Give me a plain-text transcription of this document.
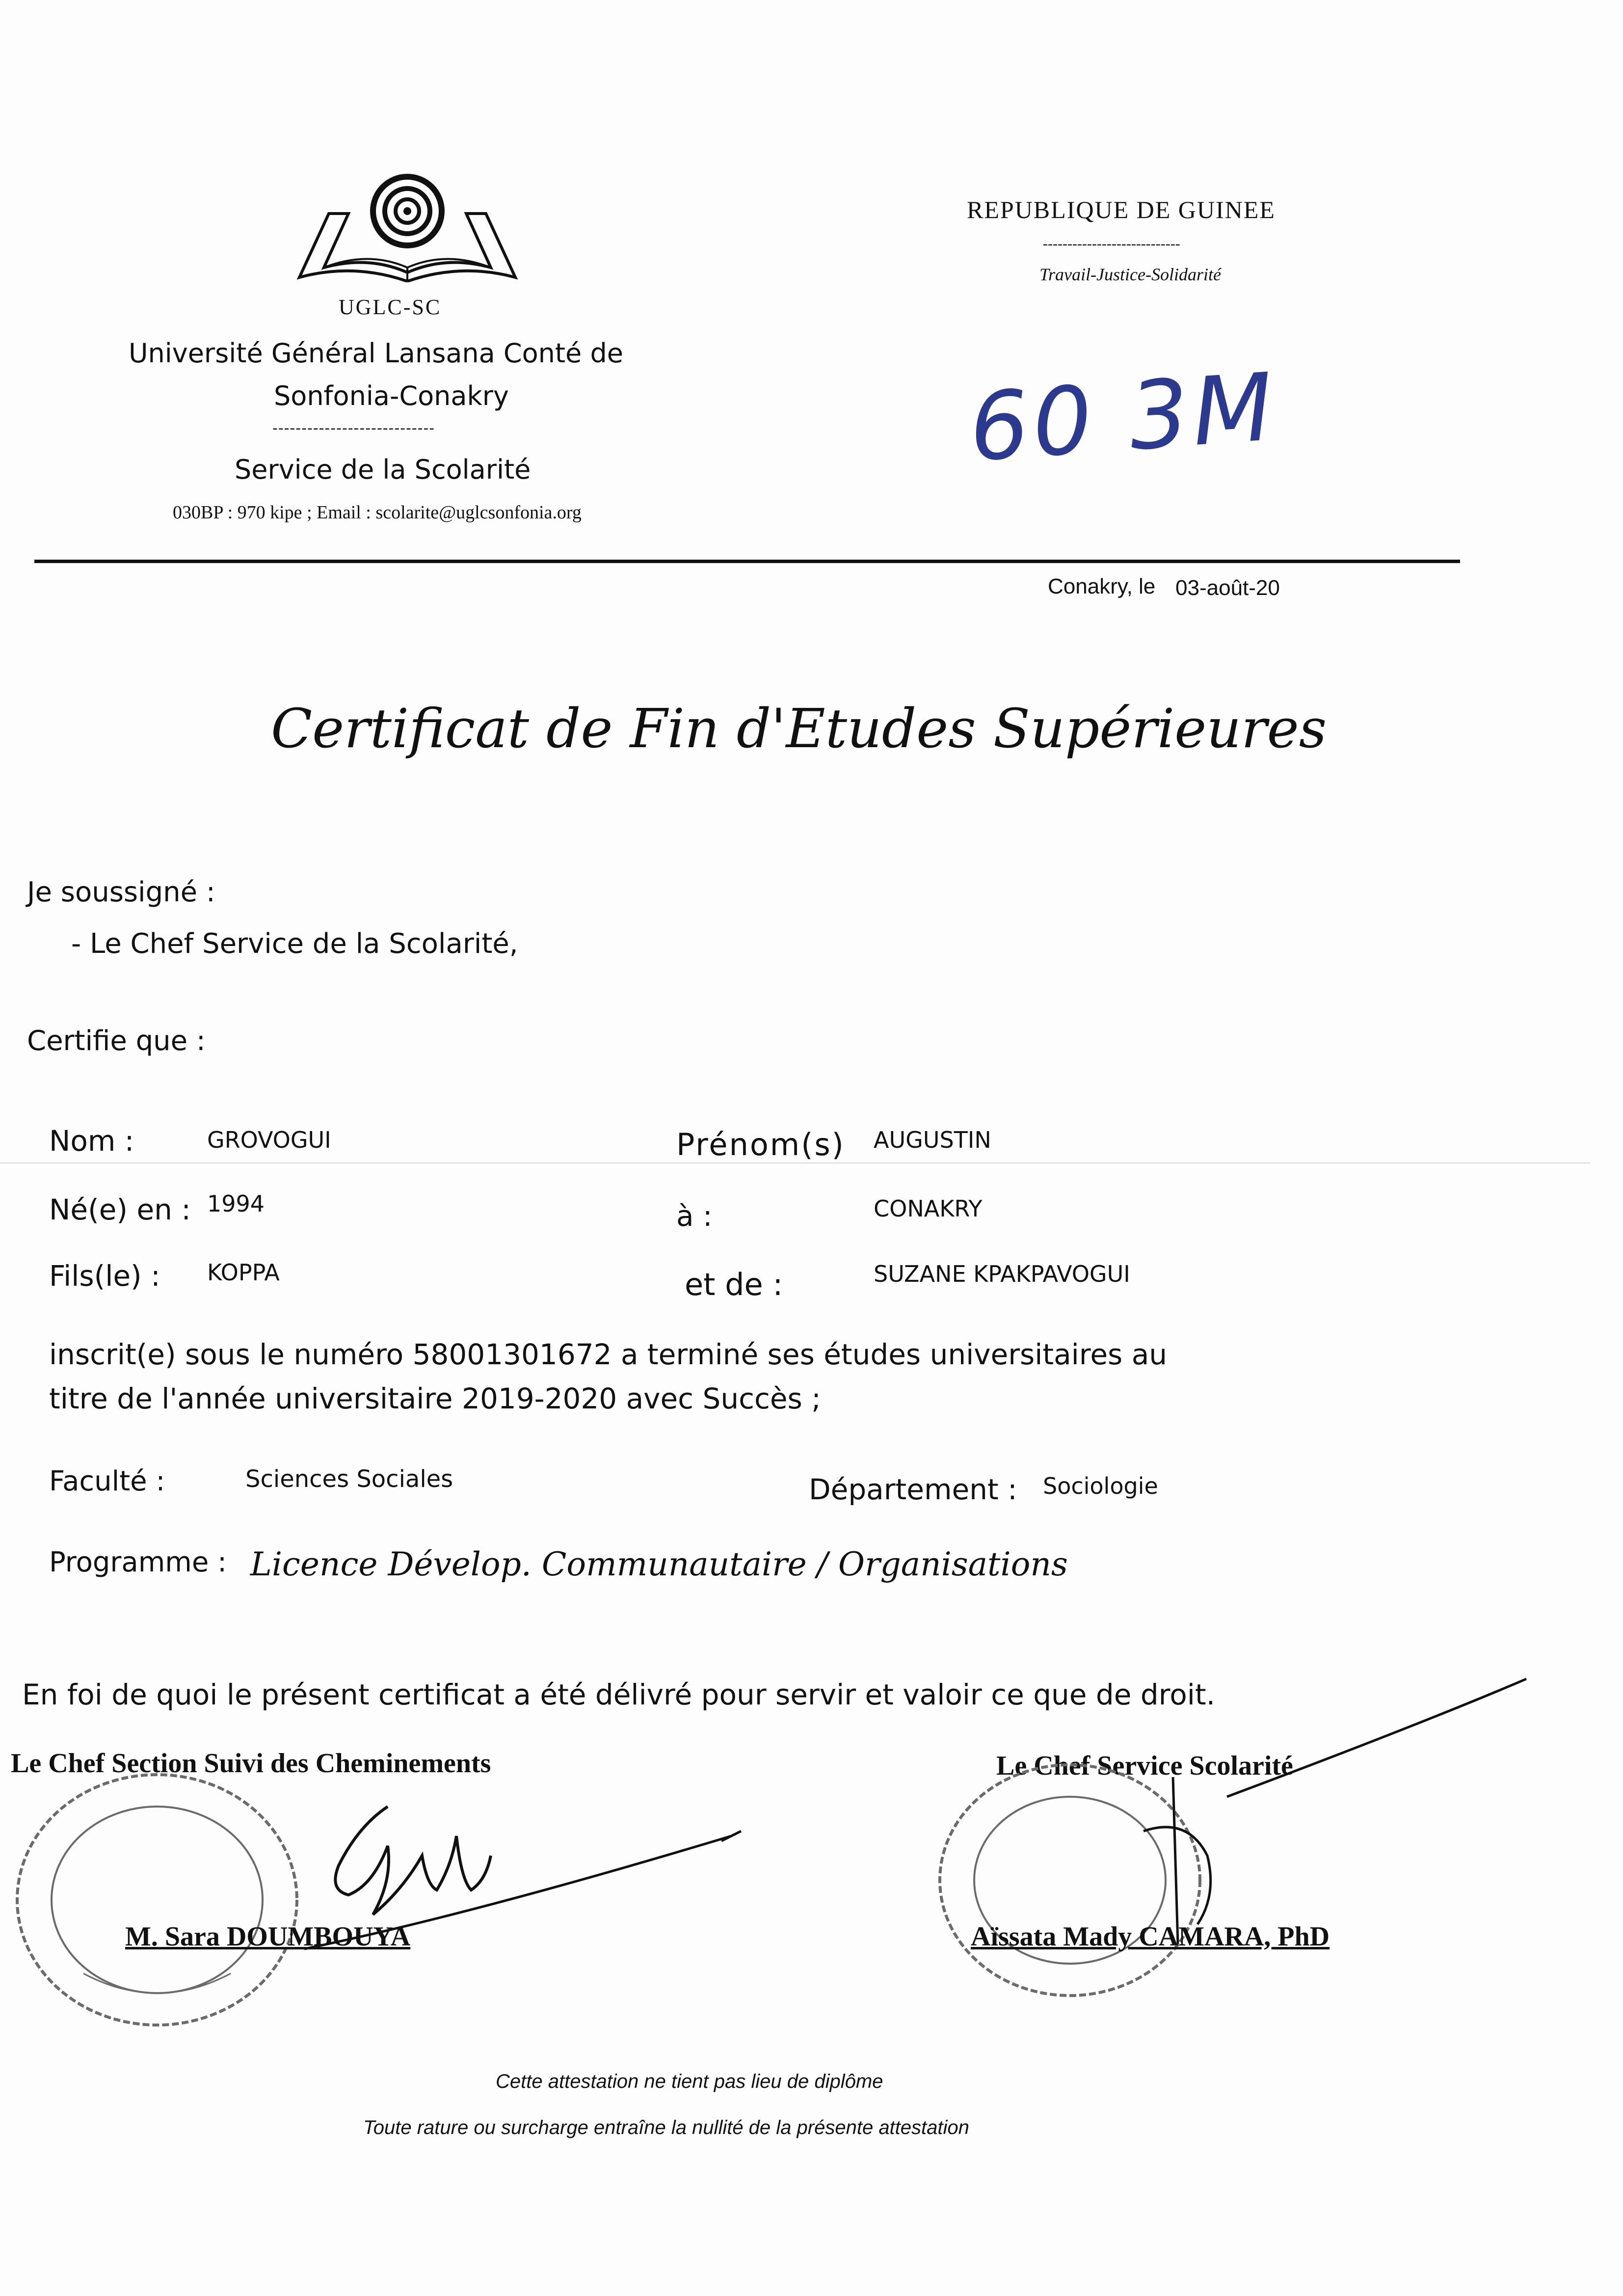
UGLC-SC
Université Général Lansana Conté de
Sonfonia-Conakry
----------------------------
Service de la Scolarité
030BP : 970 kipe ; Email : scolarite@uglcsonfonia.org
REPUBLIQUE DE GUINEE
----------------------------
Travail-Justice-Solidarité
60 3M
Conakry, le 03-août-20
Certificat de Fin d'Etudes Supérieures
Je soussigné :
- Le Chef Service de la Scolarité,
Certifie que :
Nom :	GROVOGUI	Prénom(s) AUGUSTIN
Né(e) en : 1994	à :	CONAKRY
Fils(le) : KOPPA	et de :	SUZANE KPAKPAVOGUI
inscrit(e) sous le numéro 58001301672 a terminé ses études universitaires au
titre de l'année universitaire 2019-2020 avec Succès ;
Faculté :	Sciences Sociales	Département : Sociologie
Programme : Licence Dévelop. Communautaire / Organisations
En foi de quoi le présent certificat a été délivré pour servir et valoir ce que de droit.
Le Chef Section Suivi des Cheminements	Le Chef Service Scolarité
M. Sara DOUMBOUYA	Aïssata Mady CAMARA, PhD
Cette attestation ne tient pas lieu de diplôme
Toute rature ou surcharge entraîne la nullité de la présente attestation
